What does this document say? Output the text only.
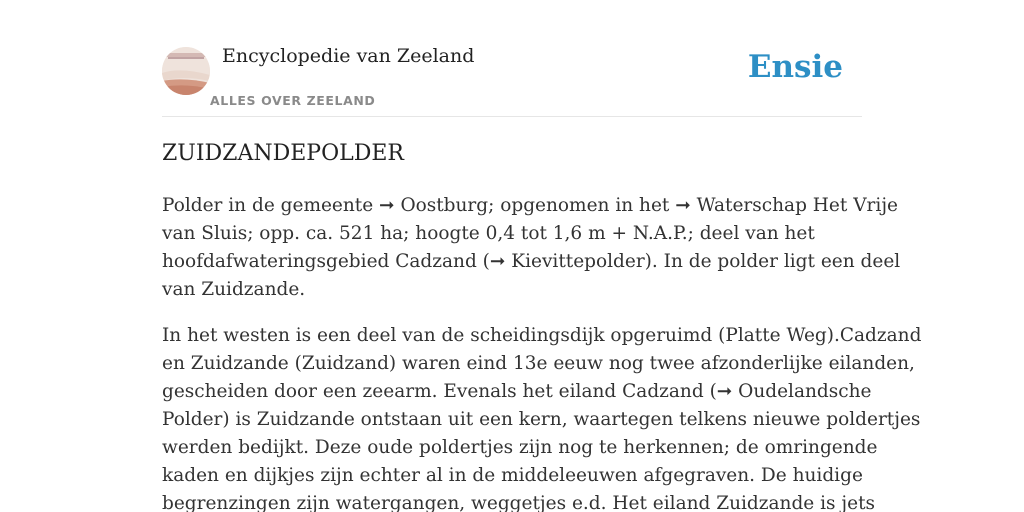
Encyclopedie van Zeeland
ALLES OVER ZEELAND
Ensie
ZUIDZANDEPOLDER

Polder in de gemeente ➞ Oostburg; opgenomen in het ➞ Waterschap Het Vrije
van Sluis; opp. ca. 521 ha; hoogte 0,4 tot 1,6 m + N.A.P.; deel van het
hoofdafwateringsgebied Cadzand (➞ Kievittepolder). In de polder ligt een deel
van Zuidzande.

In het westen is een deel van de scheidingsdijk opgeruimd (Platte Weg).Cadzand
en Zuidzande (Zuidzand) waren eind 13e eeuw nog twee afzonderlijke eilanden,
gescheiden door een zeearm. Evenals het eiland Cadzand (➞ Oudelandsche
Polder) is Zuidzande ontstaan uit een kern, waartegen telkens nieuwe poldertjes
werden bedijkt. Deze oude poldertjes zijn nog te herkennen; de omringende
kaden en dijkjes zijn echter al in de middeleeuwen afgegraven. De huidige
begrenzingen zijn watergangen, weggetjes e.d. Het eiland Zuidzande is jets
